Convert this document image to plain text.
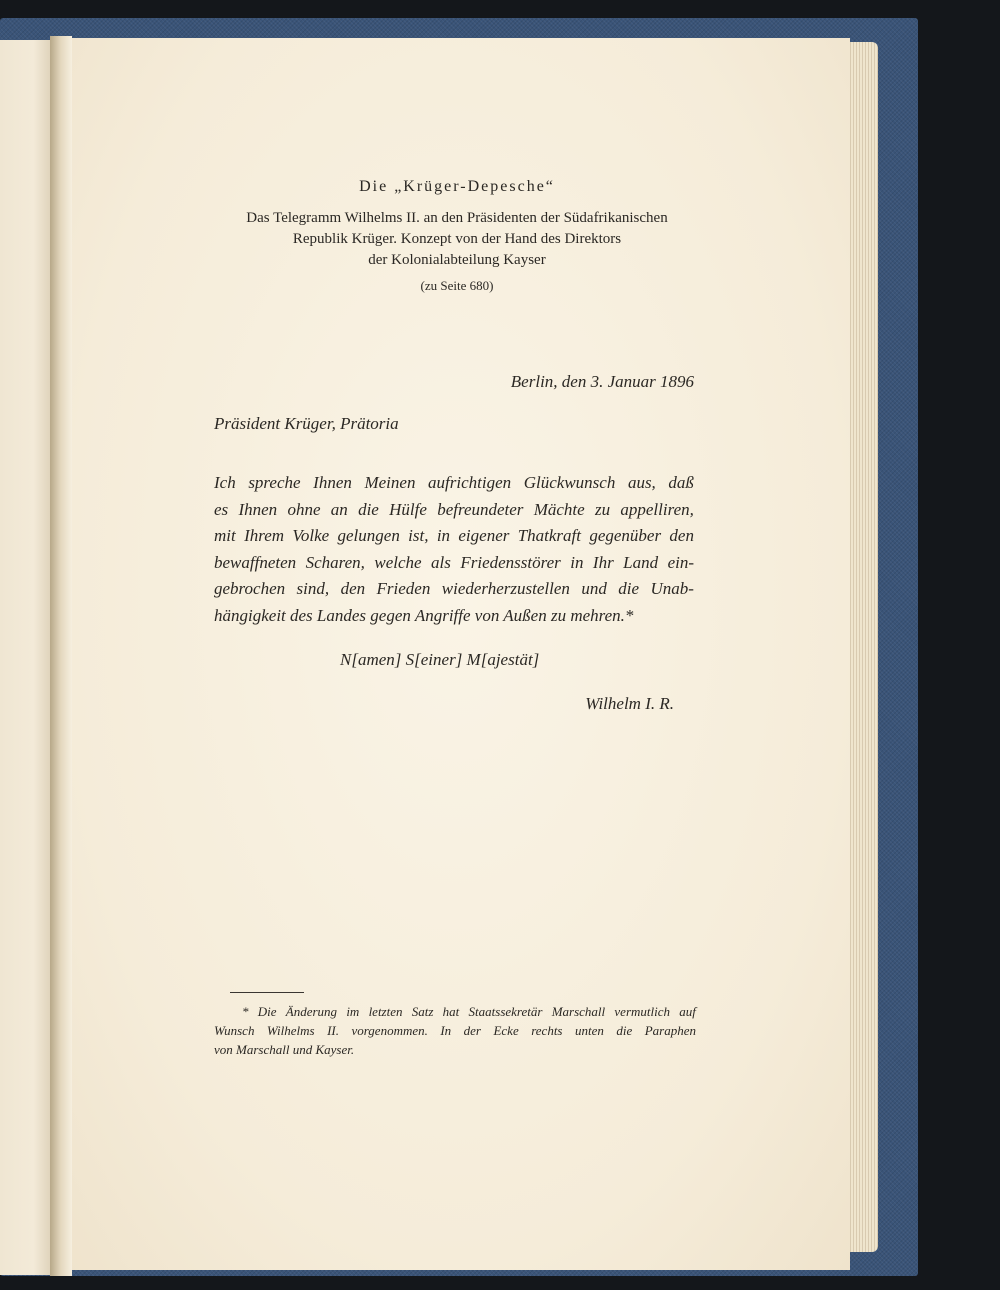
Die „Krüger-Depesche“
Das Telegramm Wilhelms II. an den Präsidenten der Südafrikanischen
Republik Krüger. Konzept von der Hand des Direktors
der Kolonialabteilung Kayser
(zu Seite 680)
Berlin, den 3. Januar 1896
Präsident Krüger, Prätoria
Ich spreche Ihnen Meinen aufrichtigen Glückwunsch aus, daß
es Ihnen ohne an die Hülfe befreundeter Mächte zu appelliren,
mit Ihrem Volke gelungen ist, in eigener Thatkraft gegenüber den
bewaffneten Scharen, welche als Friedensstörer in Ihr Land ein-
gebrochen sind, den Frieden wiederherzustellen und die Unab-
hängigkeit des Landes gegen Angriffe von Außen zu mehren.*
N[amen] S[einer] M[ajestät]
Wilhelm I. R.
* Die Änderung im letzten Satz hat Staatssekretär Marschall vermutlich auf
Wunsch Wilhelms II. vorgenommen. In der Ecke rechts unten die Paraphen
von Marschall und Kayser.
